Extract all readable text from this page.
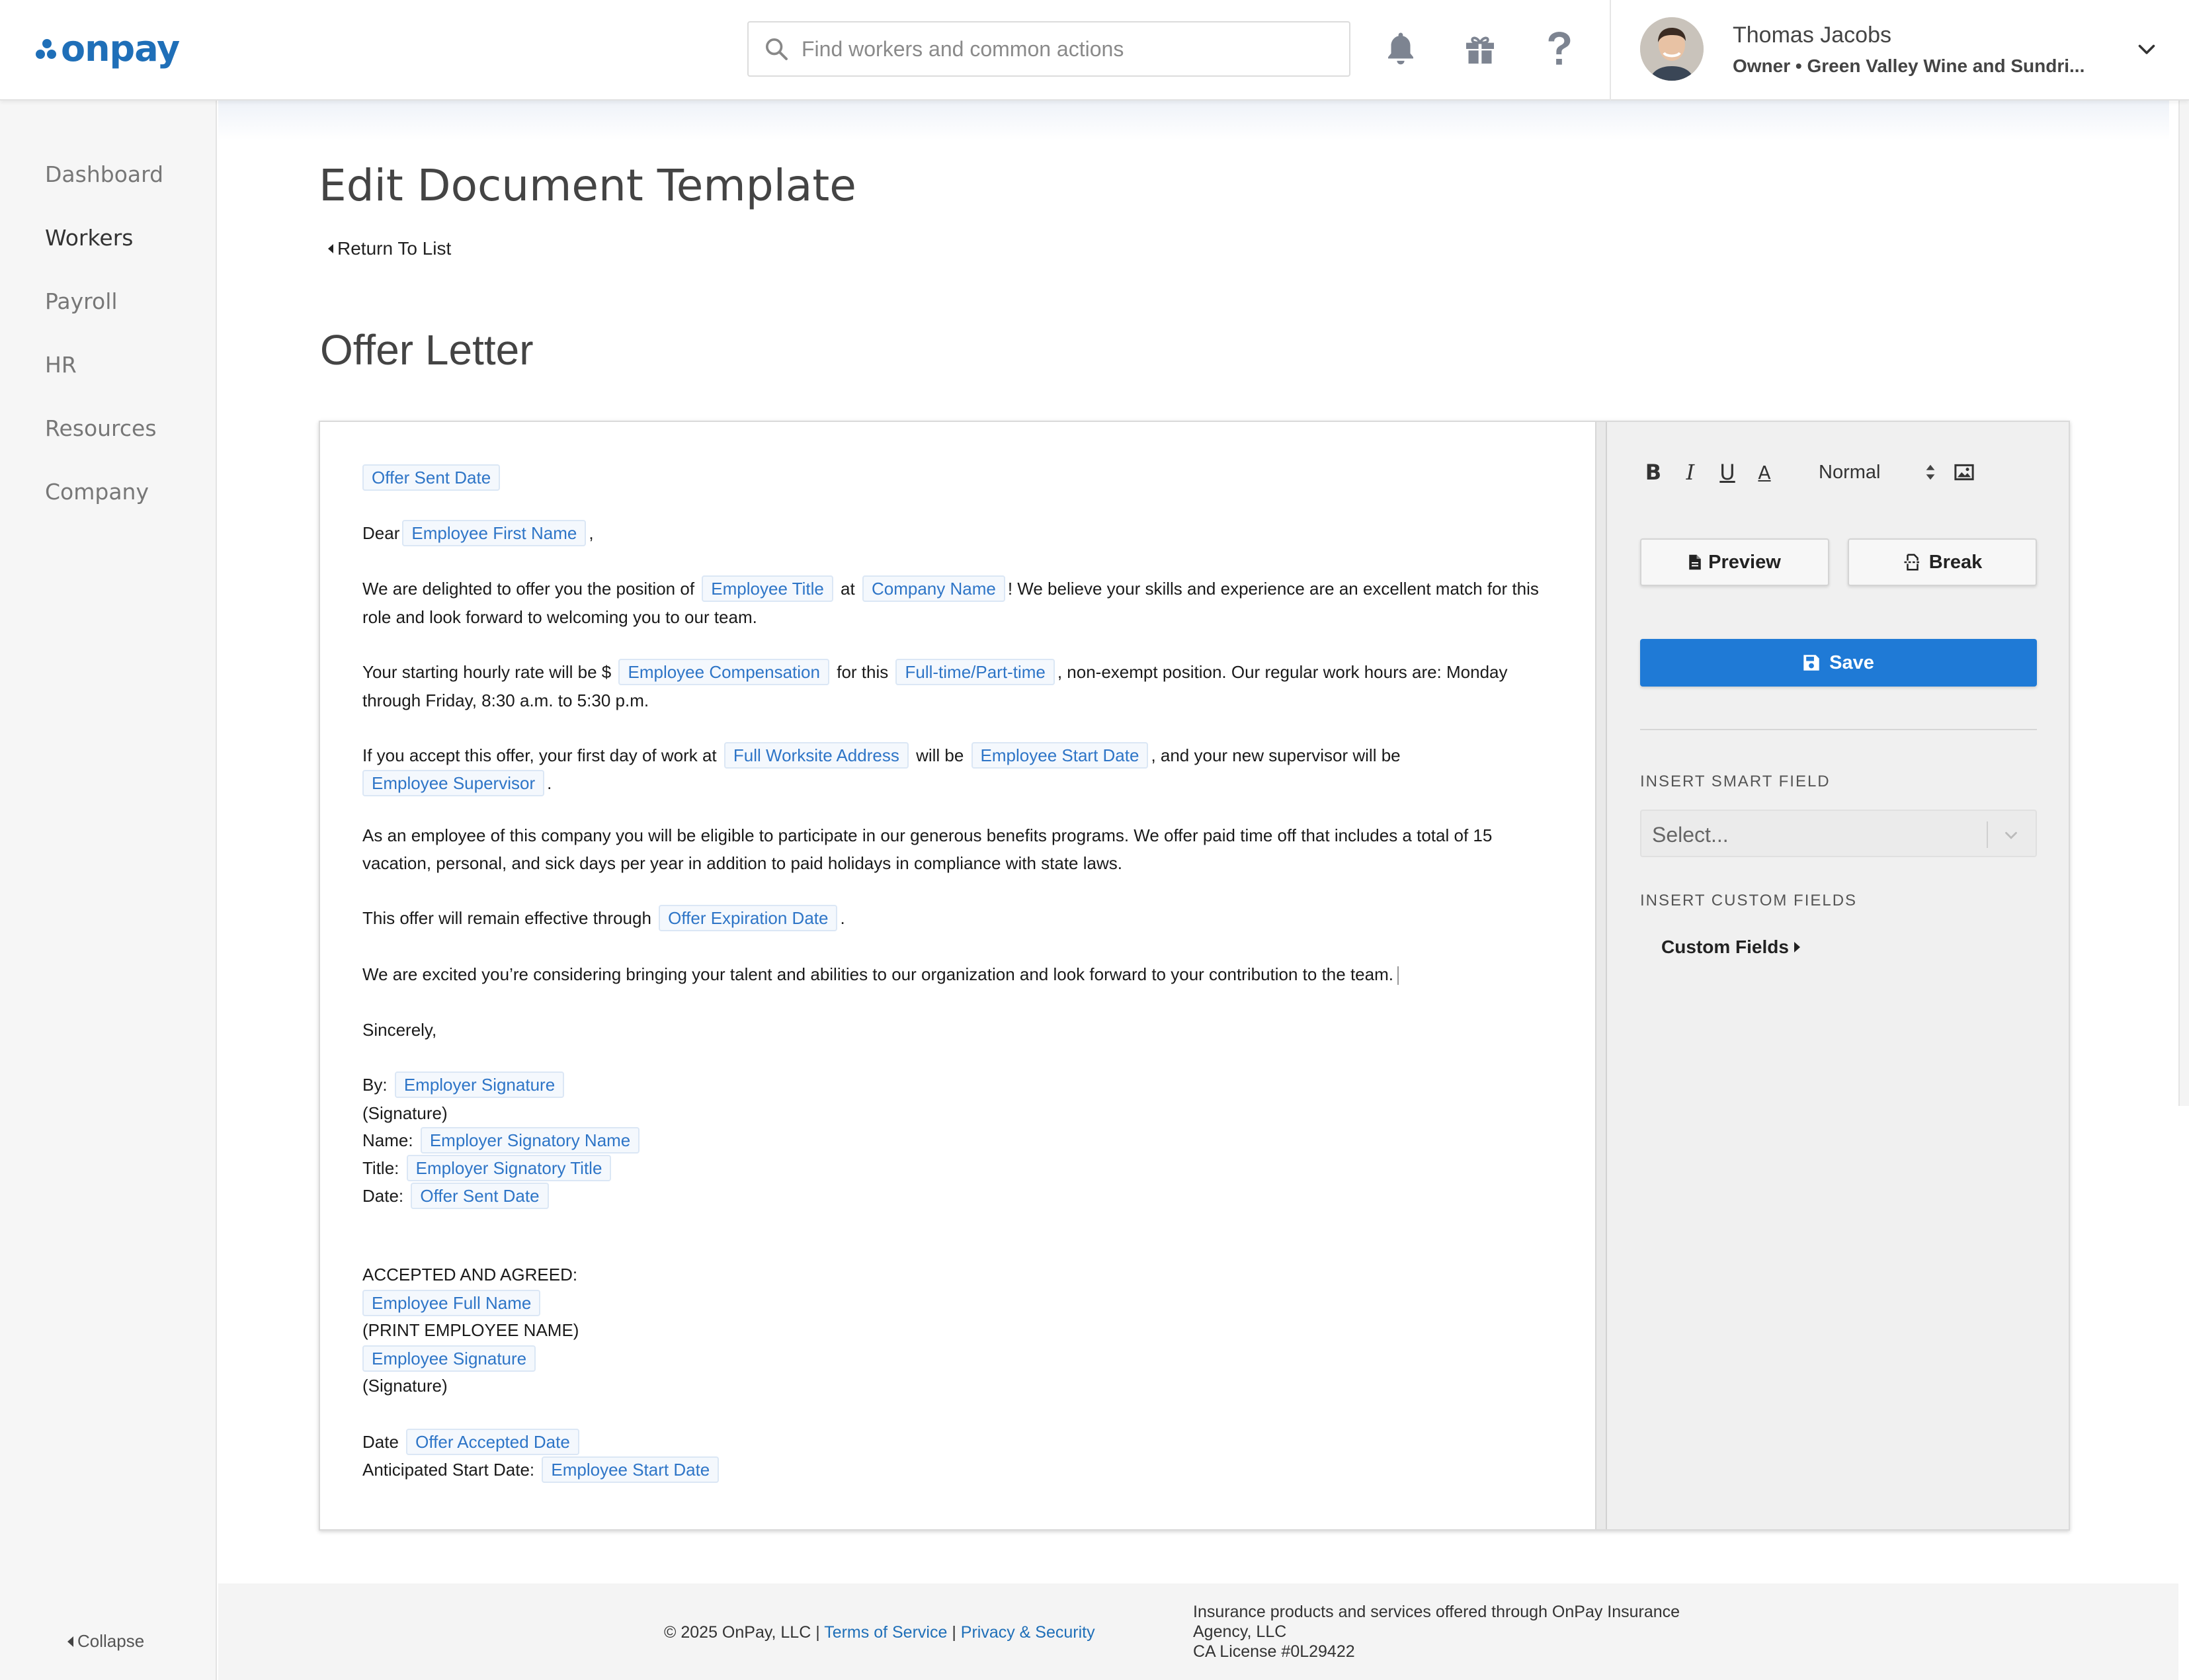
onpay
Find workers and common actions	Thomas Jacobs
Owner • Green Valley Wine and Sundri...
Dashboard
Workers
Payroll
HR
Resources
Company
Collapse
Edit Document Template
Return To List
Offer Letter
Offer Sent Date
Dear Employee First Name ,
We are delighted to offer you the position of Employee Title at Company Name ! We believe your skills and experience are an excellent match for this
role and look forward to welcoming you to our team.
Your starting hourly rate will be $ Employee Compensation for this Full-time/Part-time , non-exempt position. Our regular work hours are: Monday
through Friday, 8:30 a.m. to 5:30 p.m.
If you accept this offer, your first day of work at Full Worksite Address will be Employee Start Date , and your new supervisor will be
Employee Supervisor .
As an employee of this company you will be eligible to participate in our generous benefits programs. We offer paid time off that includes a total of 15
vacation, personal, and sick days per year in addition to paid holidays in compliance with state laws.
This offer will remain effective through Offer Expiration Date .
We are excited you’re considering bringing your talent and abilities to our organization and look forward to your contribution to the team.
Sincerely,
By: Employer Signature
(Signature)
Name: Employer Signatory Name
Title: Employer Signatory Title
Date: Offer Sent Date
ACCEPTED AND AGREED:
Employee Full Name
(PRINT EMPLOYEE NAME)
Employee Signature
(Signature)
Date Offer Accepted Date
Anticipated Start Date: Employee Start Date
B	I	U	A	Normal
Preview	Break
Save
INSERT SMART FIELD
Select...
INSERT CUSTOM FIELDS
Custom Fields
© 2025 OnPay, LLC | Terms of Service | Privacy & Security
Insurance products and services offered through OnPay Insurance
Agency, LLC
CA License #0L29422
